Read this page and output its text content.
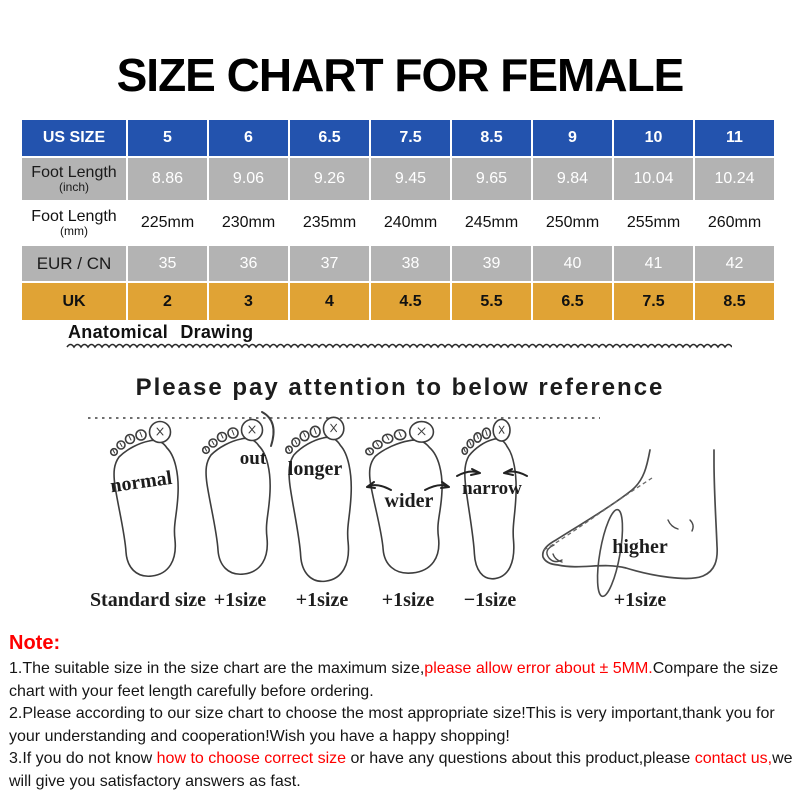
SIZE CHART FOR FEMALE
US SIZE	5	6	6.5	7.5	8.5	9	10	11

Foot Length
(inch)	8.86	9.06	9.26	9.45	9.65	9.84	10.04	10.24

Foot Length
(mm)	225mm	230mm	235mm	240mm	245mm	250mm	255mm	260mm
EUR / CN	35	36	37	38	39	40	41	42
UK	2	3	4	4.5	5.5	6.5	7.5	8.5
Anatomical Drawing
Please pay attention to below reference
normal
out longer
wider
narrow
higher
Standard size +1size +1size +1size −1size	+1size
Note:

1.The suitable size in the size chart are the maximum size,please allow error about ± 5MM.Compare the size chart with your feet length carefully before ordering.

2.Please according to our size chart to choose the most appropriate size!This is very important,thank you for your understanding and cooperation!Wish you have a happy shopping!

3.If you do not know how to choose correct size or have any questions about this product,please contact us,we will give you satisfactory answers as fast.
